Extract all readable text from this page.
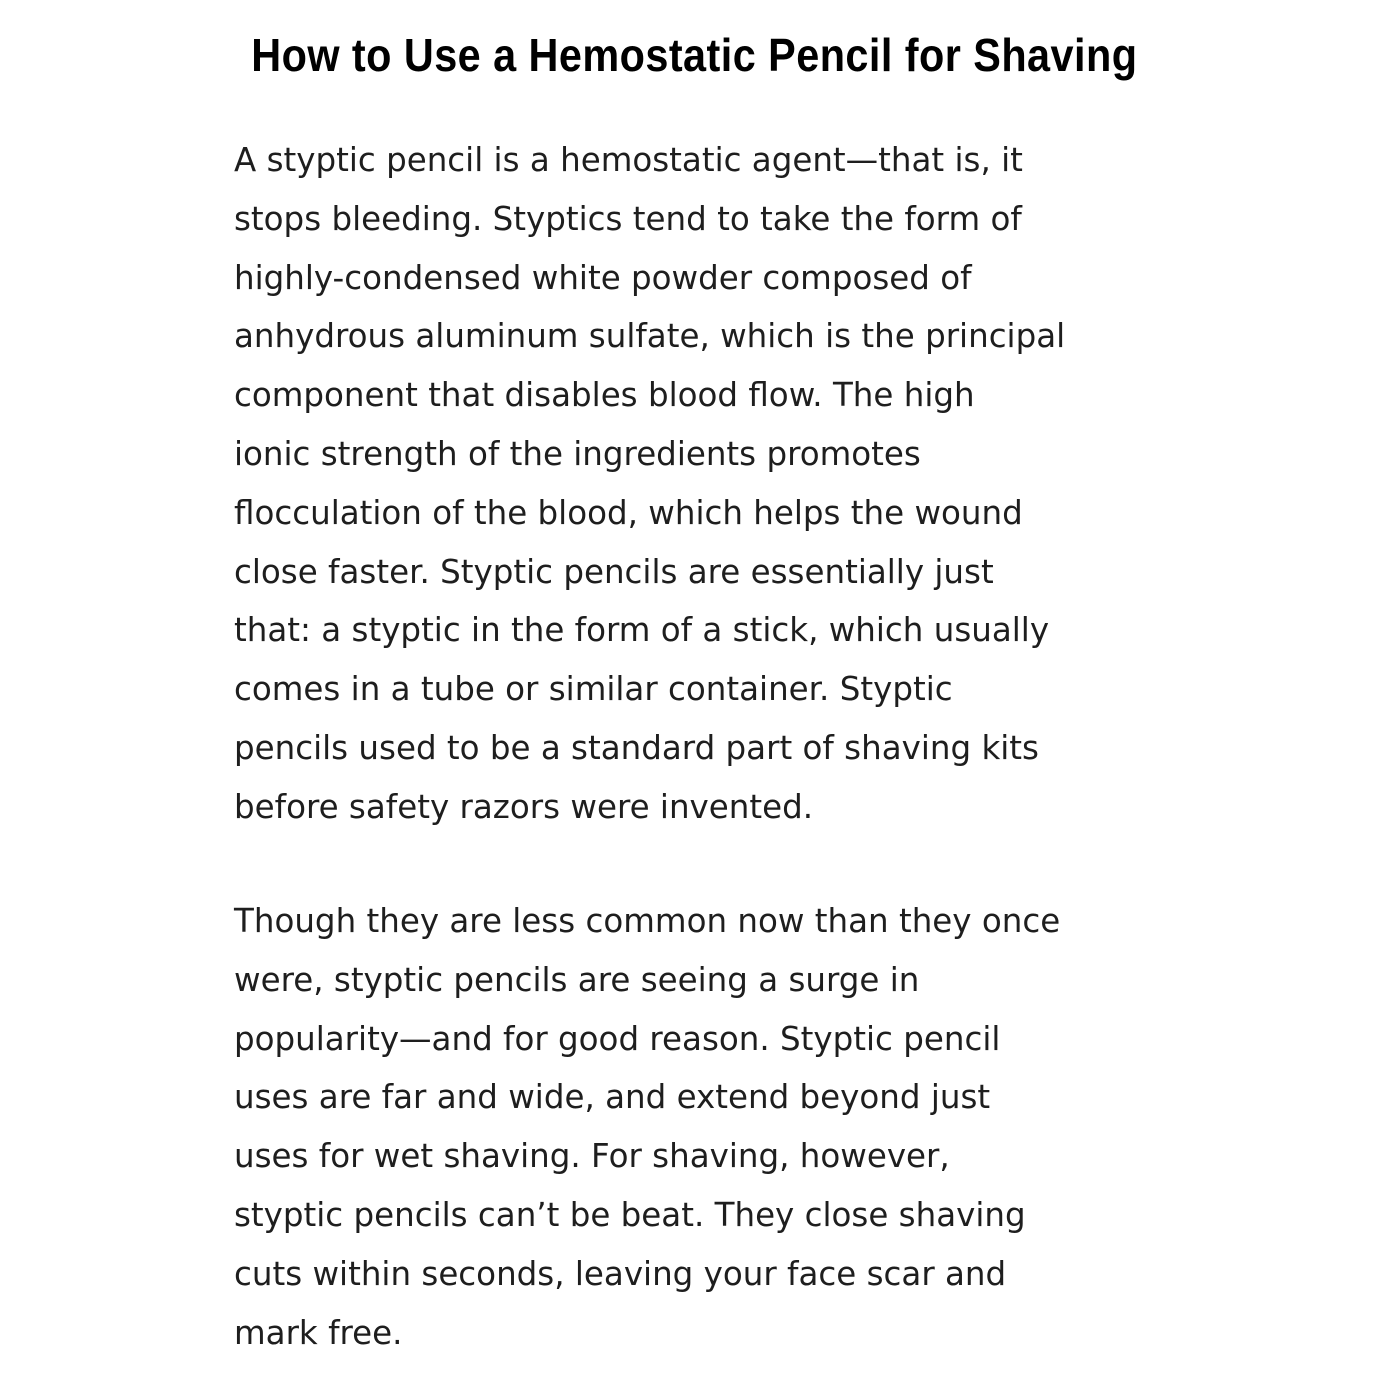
How to Use a Hemostatic Pencil for Shaving
A styptic pencil is a hemostatic agent—that is, it
stops bleeding. Styptics tend to take the form of
highly-condensed white powder composed of
anhydrous aluminum sulfate, which is the principal
component that disables blood flow. The high
ionic strength of the ingredients promotes
flocculation of the blood, which helps the wound
close faster. Styptic pencils are essentially just
that: a styptic in the form of a stick, which usually
comes in a tube or similar container. Styptic
pencils used to be a standard part of shaving kits
before safety razors were invented.
Though they are less common now than they once
were, styptic pencils are seeing a surge in
popularity—and for good reason. Styptic pencil
uses are far and wide, and extend beyond just
uses for wet shaving. For shaving, however,
styptic pencils can’t be beat. They close shaving
cuts within seconds, leaving your face scar and
mark free.
